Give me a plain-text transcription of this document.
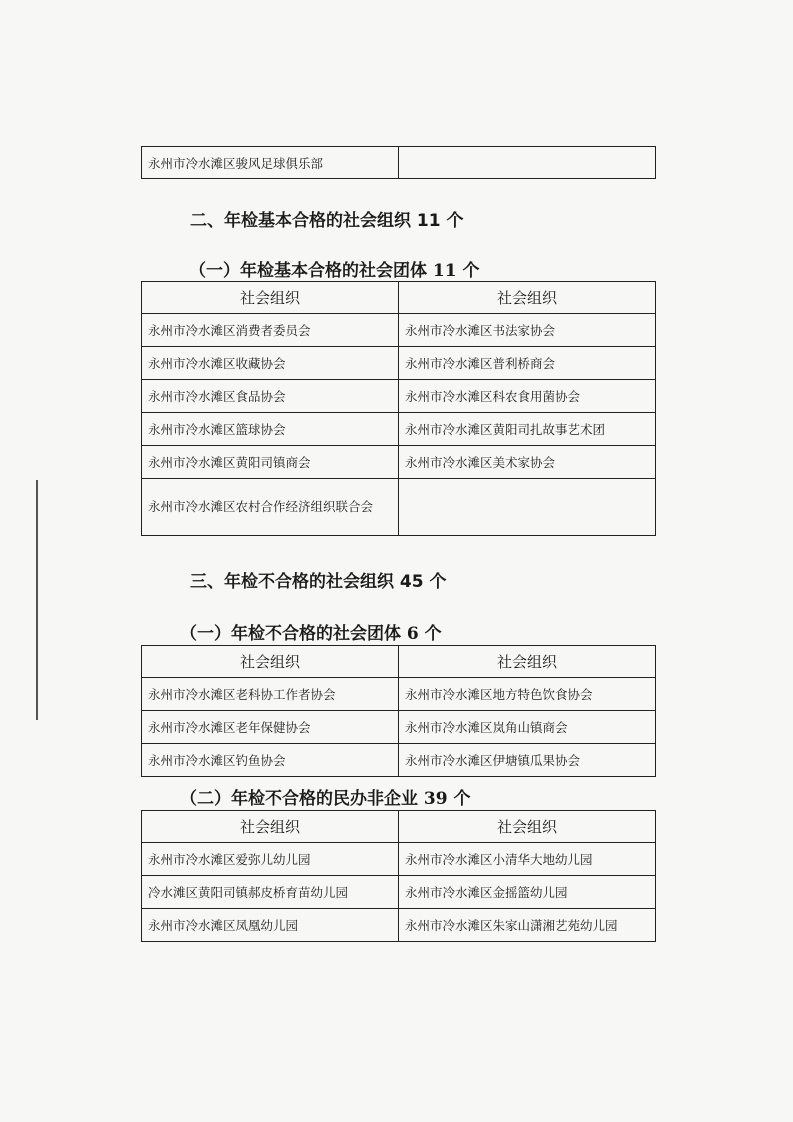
永州市冷水滩区骏风足球俱乐部	
二、年检基本合格的社会组织 11 个
（一）年检基本合格的社会团体 11 个
社会组织	社会组织
永州市冷水滩区消费者委员会	永州市冷水滩区书法家协会
永州市冷水滩区收藏协会	永州市冷水滩区普利桥商会
永州市冷水滩区食品协会	永州市冷水滩区科农食用菌协会
永州市冷水滩区篮球协会	永州市冷水滩区黄阳司扎故事艺术团
永州市冷水滩区黄阳司镇商会	永州市冷水滩区美术家协会
永州市冷水滩区农村合作经济组织联合会	
三、年检不合格的社会组织 45 个
（一）年检不合格的社会团体 6 个
社会组织	社会组织
永州市冷水滩区老科协工作者协会	永州市冷水滩区地方特色饮食协会
永州市冷水滩区老年保健协会	永州市冷水滩区岚角山镇商会
永州市冷水滩区钓鱼协会	永州市冷水滩区伊塘镇瓜果协会
（二）年检不合格的民办非企业 39 个
社会组织	社会组织
永州市冷水滩区爱弥儿幼儿园	永州市冷水滩区小清华大地幼儿园
冷水滩区黄阳司镇郝皮桥育苗幼儿园	永州市冷水滩区金摇篮幼儿园
永州市冷水滩区凤凰幼儿园	永州市冷水滩区朱家山潇湘艺苑幼儿园
